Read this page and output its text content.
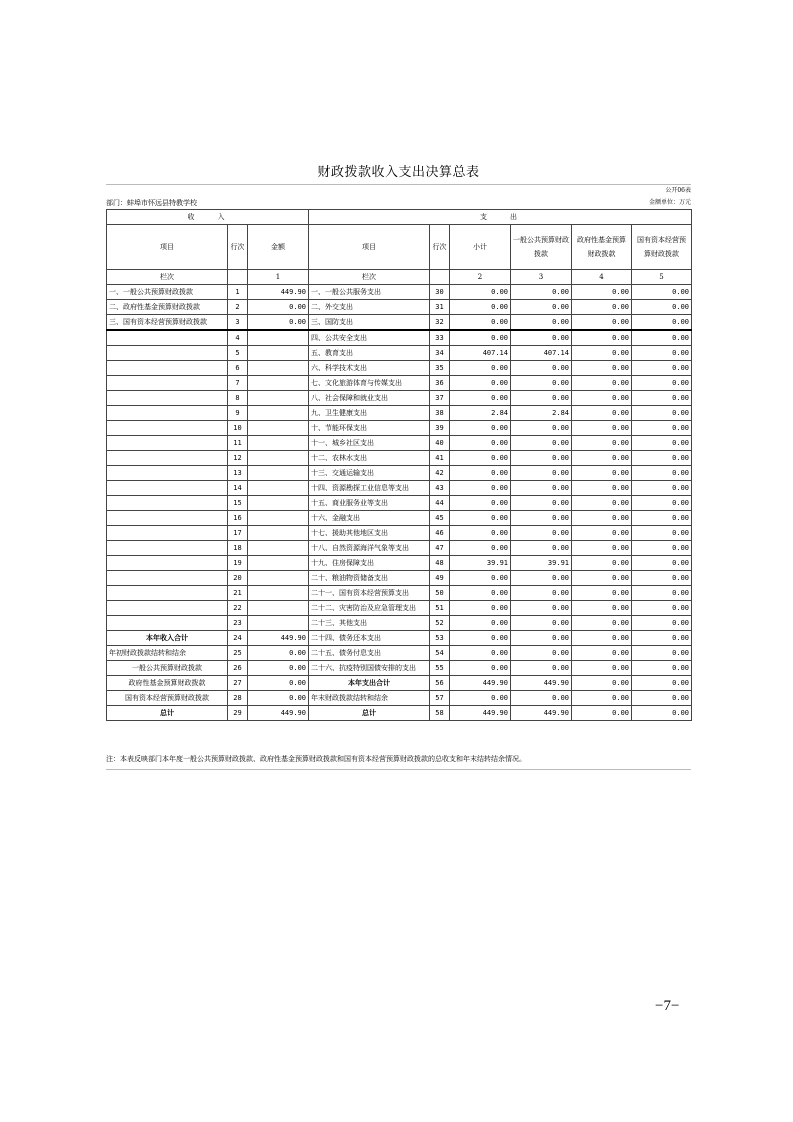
财政拨款收入支出决算总表
公开06表
部门：蚌埠市怀远县特教学校	金额单位：万元
收　　入			支　　出					
项目	行次	金额	项目	行次	小计	一般公共预算财政拨款	政府性基金预算财政拨款	国有资本经营预算财政拨款
栏次		1	栏次		2	3	4	5
一、一般公共预算财政拨款	1	449.90	一、一般公共服务支出	30	0.00	0.00	0.00	0.00
二、政府性基金预算财政拨款	2	0.00	二、外交支出	31	0.00	0.00	0.00	0.00
三、国有资本经营预算财政拨款	3	0.00	三、国防支出	32	0.00	0.00	0.00	0.00
	4		四、公共安全支出	33	0.00	0.00	0.00	0.00
	5		五、教育支出	34	407.14	407.14	0.00	0.00
	6		六、科学技术支出	35	0.00	0.00	0.00	0.00
	7		七、文化旅游体育与传媒支出	36	0.00	0.00	0.00	0.00
	8		八、社会保障和就业支出	37	0.00	0.00	0.00	0.00
	9		九、卫生健康支出	38	2.84	2.84	0.00	0.00
	10		十、节能环保支出	39	0.00	0.00	0.00	0.00
	11		十一、城乡社区支出	40	0.00	0.00	0.00	0.00
	12		十二、农林水支出	41	0.00	0.00	0.00	0.00
	13		十三、交通运输支出	42	0.00	0.00	0.00	0.00
	14		十四、资源勘探工业信息等支出	43	0.00	0.00	0.00	0.00
	15		十五、商业服务业等支出	44	0.00	0.00	0.00	0.00
	16		十六、金融支出	45	0.00	0.00	0.00	0.00
	17		十七、援助其他地区支出	46	0.00	0.00	0.00	0.00
	18		十八、自然资源海洋气象等支出	47	0.00	0.00	0.00	0.00
	19		十九、住房保障支出	48	39.91	39.91	0.00	0.00
	20		二十、粮油物资储备支出	49	0.00	0.00	0.00	0.00
	21		二十一、国有资本经营预算支出	50	0.00	0.00	0.00	0.00
	22		二十二、灾害防治及应急管理支出	51	0.00	0.00	0.00	0.00
	23		二十三、其他支出	52	0.00	0.00	0.00	0.00
本年收入合计	24	449.90	二十四、债务还本支出	53	0.00	0.00	0.00	0.00
年初财政拨款结转和结余	25	0.00	二十五、债务付息支出	54	0.00	0.00	0.00	0.00
一般公共预算财政拨款	26	0.00	二十六、抗疫特别国债安排的支出	55	0.00	0.00	0.00	0.00
政府性基金预算财政拨款	27	0.00	本年支出合计	56	449.90	449.90	0.00	0.00
国有资本经营预算财政拨款	28	0.00	年末财政拨款结转和结余	57	0.00	0.00	0.00	0.00
总计	29	449.90	总计	58	449.90	449.90	0.00	0.00
注：本表反映部门本年度一般公共预算财政拨款、政府性基金预算财政拨款和国有资本经营预算财政拨款的总收支和年末结转结余情况。
−7−
